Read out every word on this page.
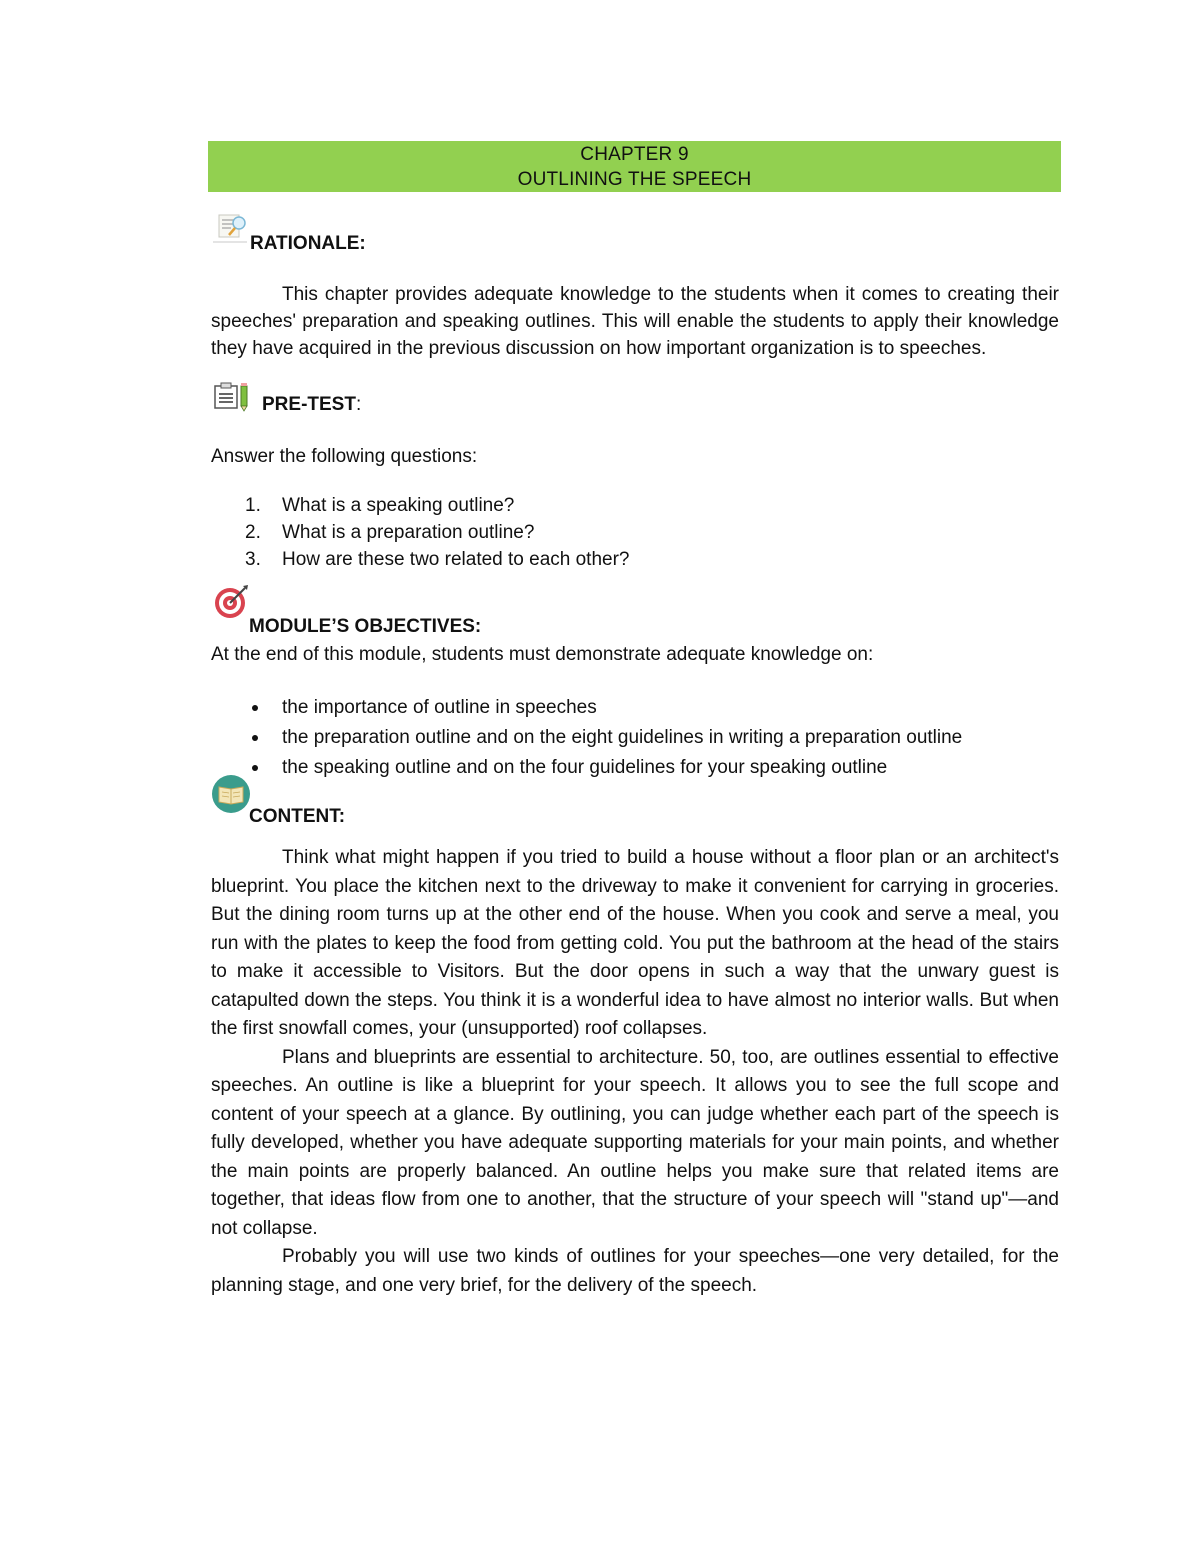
CHAPTER 9
OUTLINING THE SPEECH
RATIONALE:

This chapter provides adequate knowledge to the students when it comes to creating their speeches' preparation and speaking outlines. This will enable the students to apply their knowledge they have acquired in the previous discussion on how important organization is to speeches.

PRE-TEST:

Answer the following questions:

1. What is a speaking outline?
2. What is a preparation outline?
3. How are these two related to each other?
MODULE’S OBJECTIVES:

At the end of this module, students must demonstrate adequate knowledge on:

the importance of outline in speeches
the preparation outline and on the eight guidelines in writing a preparation outline
the speaking outline and on the four guidelines for your speaking outline
CONTENT:

Think what might happen if you tried to build a house without a floor plan or an architect's blueprint. You place the kitchen next to the driveway to make it convenient for carrying in groceries. But the dining room turns up at the other end of the house. When you cook and serve a meal, you run with the plates to keep the food from getting cold. You put the bathroom at the head of the stairs to make it accessible to Visitors. But the door opens in such a way that the unwary guest is catapulted down the steps. You think it is a wonderful idea to have almost no interior walls. But when the first snowfall comes, your (unsupported) roof collapses.

Plans and blueprints are essential to architecture. 50, too, are outlines essential to effective speeches. An outline is like a blueprint for your speech. It allows you to see the full scope and content of your speech at a glance. By outlining, you can judge whether each part of the speech is fully developed, whether you have adequate supporting materials for your main points, and whether the main points are properly balanced. An outline helps you make sure that related items are together, that ideas flow from one to another, that the structure of your speech will "stand up"—and not collapse.

Probably you will use two kinds of outlines for your speeches—one very detailed, for the planning stage, and one very brief, for the delivery of the speech.
